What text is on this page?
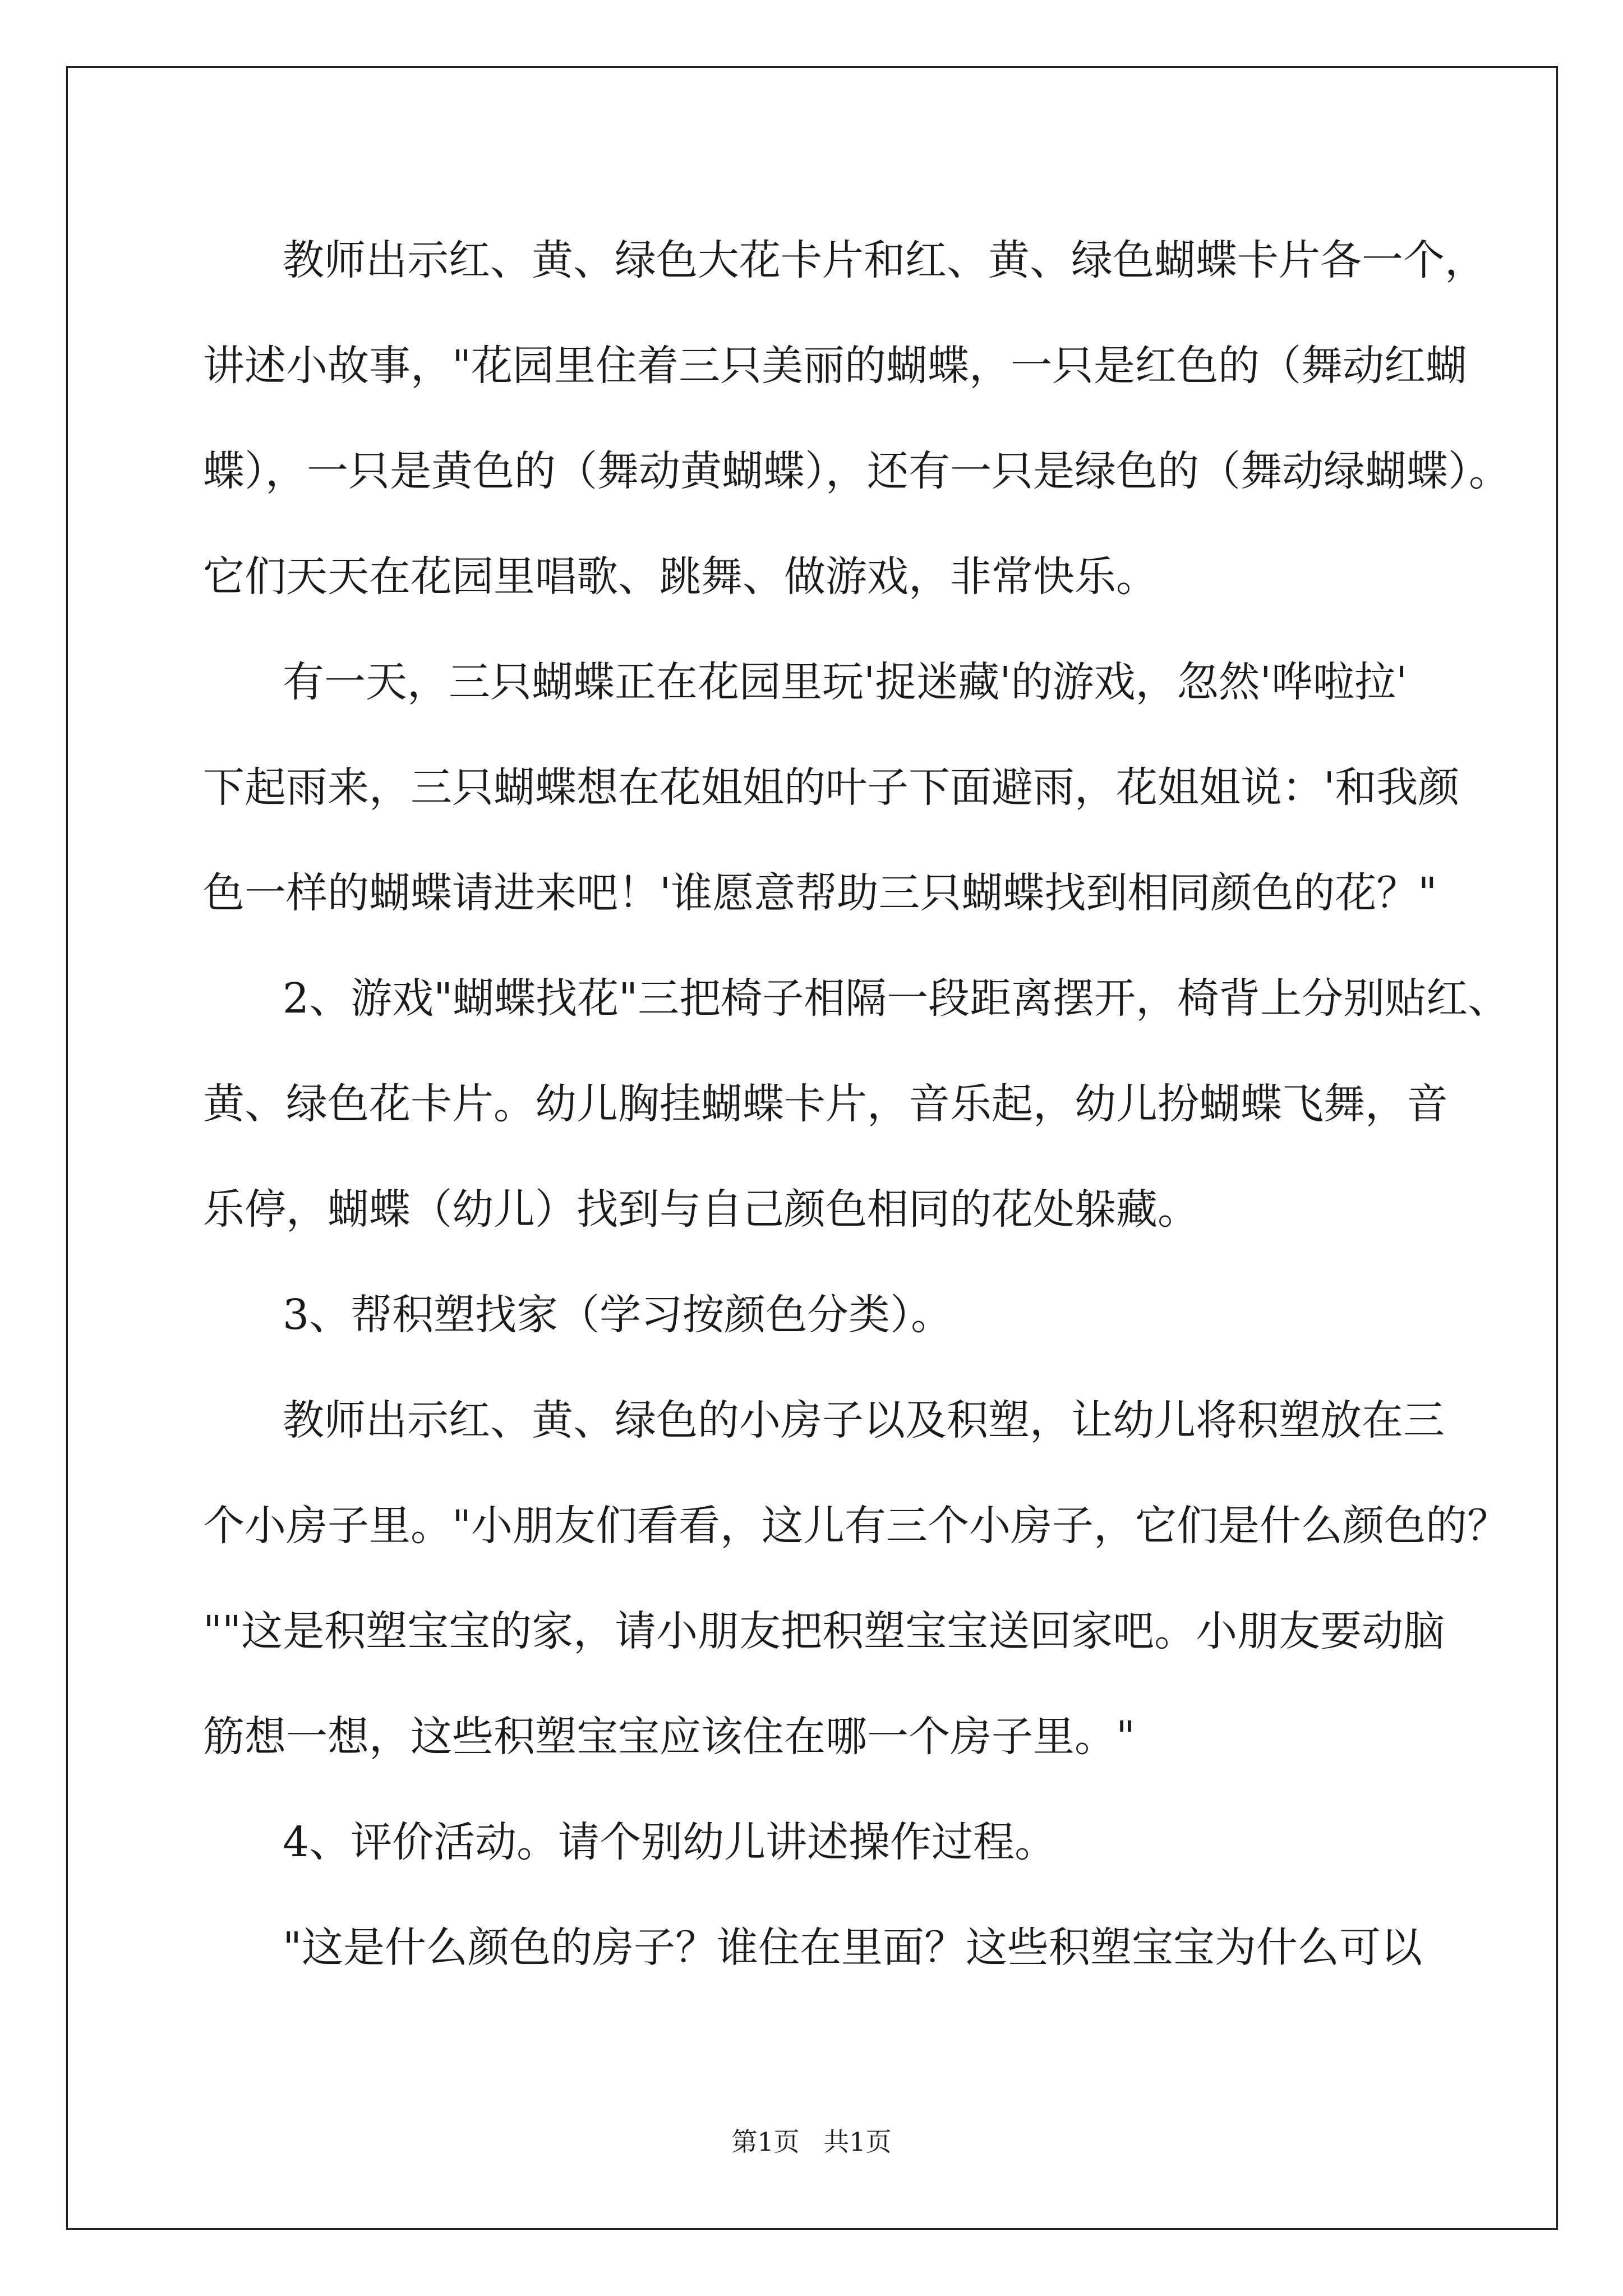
教师出示红、黄、绿色大花卡片和红、黄、绿色蝴蝶卡片各一个，
讲述小故事，"花园里住着三只美丽的蝴蝶，一只是红色的（舞动红蝴
蝶），一只是黄色的（舞动黄蝴蝶），还有一只是绿色的（舞动绿蝴蝶）。
它们天天在花园里唱歌、跳舞、做游戏，非常快乐。
有一天，三只蝴蝶正在花园里玩'捉迷藏'的游戏，忽然'哗啦拉'
下起雨来，三只蝴蝶想在花姐姐的叶子下面避雨，花姐姐说：'和我颜
色一样的蝴蝶请进来吧！'谁愿意帮助三只蝴蝶找到相同颜色的花？"
2、游戏"蝴蝶找花"三把椅子相隔一段距离摆开，椅背上分别贴红、
黄、绿色花卡片。幼儿胸挂蝴蝶卡片，音乐起，幼儿扮蝴蝶飞舞，音
乐停，蝴蝶（幼儿）找到与自己颜色相同的花处躲藏。
3、帮积塑找家（学习按颜色分类）。
教师出示红、黄、绿色的小房子以及积塑，让幼儿将积塑放在三
个小房子里。"小朋友们看看，这儿有三个小房子，它们是什么颜色的？
""这是积塑宝宝的家，请小朋友把积塑宝宝送回家吧。小朋友要动脑
筋想一想，这些积塑宝宝应该住在哪一个房子里。"
4、评价活动。请个别幼儿讲述操作过程。
"这是什么颜色的房子？谁住在里面？这些积塑宝宝为什么可以
第1页 共1页
